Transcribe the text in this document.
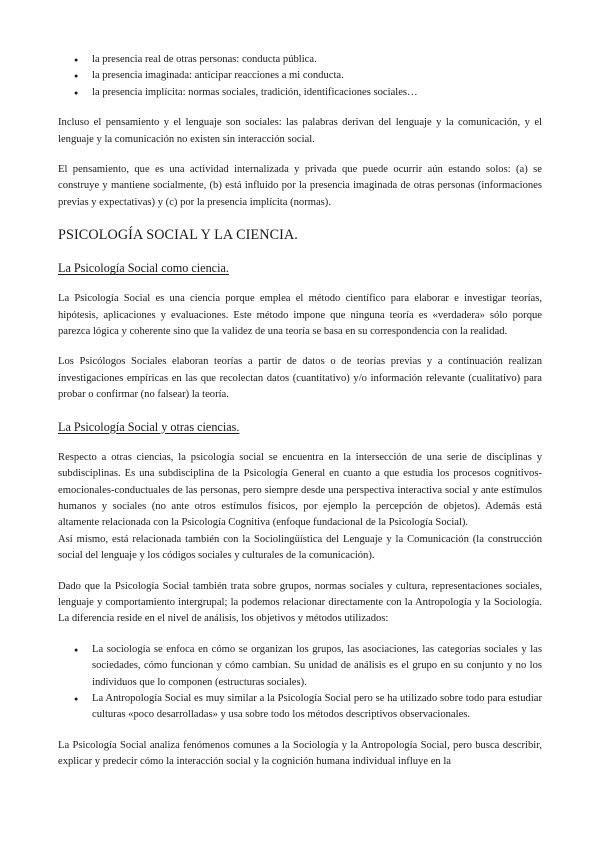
● la presencia real de otras personas: conducta pública.
● la presencia imaginada: anticipar reacciones a mi conducta.
● la presencia implícita: normas sociales, tradición, identificaciones sociales…

Incluso el pensamiento y el lenguaje son sociales: las palabras derivan del lenguaje y la comunicación, y el lenguaje y la comunicación no existen sin interacción social.

El pensamiento, que es una actividad internalizada y privada que puede ocurrir aún estando solos: (a) se construye y mantiene socialmente, (b) está influido por la presencia imaginada de otras personas (informaciones previas y expectativas) y (c) por la presencia implícita (normas).

PSICOLOGÍA SOCIAL Y LA CIENCIA.
La Psicología Social como ciencia.

La Psicología Social es una ciencia porque emplea el método científico para elaborar e investigar teorías, hipótesis, aplicaciones y evaluaciones. Este método impone que ninguna teoría es «verdadera» sólo porque parezca lógica y coherente sino que la validez de una teoría se basa en su correspondencia con la realidad.

Los Psicólogos Sociales elaboran teorías a partir de datos o de teorías previas y a continuación realizan investigaciones empíricas en las que recolectan datos (cuantitativo) y/o información relevante (cualitativo) para probar o confirmar (no falsear) la teoría.

La Psicología Social y otras ciencias.

Respecto a otras ciencias, la psicología social se encuentra en la intersección de una serie de disciplinas y subdisciplinas. Es una subdisciplina de la Psicología General en cuanto a que estudia los procesos cognitivos-emocionales-conductuales de las personas, pero siempre desde una perspectiva interactiva social y ante estímulos humanos y sociales (no ante otros estímulos físicos, por ejemplo la percepción de objetos). Además está altamente relacionada con la Psicología Cognitiva (enfoque fundacional de la Psicología Social).

Así mismo, está relacionada también con la Sociolingüística del Lenguaje y la Comunicación (la construcción social del lenguaje y los códigos sociales y culturales de la comunicación).

Dado que la Psicología Social también trata sobre grupos, normas sociales y cultura, representaciones sociales, lenguaje y comportamiento intergrupal; la podemos relacionar directamente con la Antropología y la Sociología. La diferencia reside en el nivel de análisis, los objetivos y métodos utilizados:

● La sociología se enfoca en cómo se organizan los grupos, las asociaciones, las categorías sociales y las sociedades, cómo funcionan y cómo cambian. Su unidad de análisis es el grupo en su conjunto y no los individuos que lo componen (estructuras sociales).
● La Antropología Social es muy similar a la Psicología Social pero se ha utilizado sobre todo para estudiar culturas «poco desarrolladas» y usa sobre todo los métodos descriptivos observacionales.

La Psicología Social analiza fenómenos comunes a la Sociología y la Antropología Social, pero busca describir, explicar y predecir cómo la interacción social y la cognición humana individual influye en la
